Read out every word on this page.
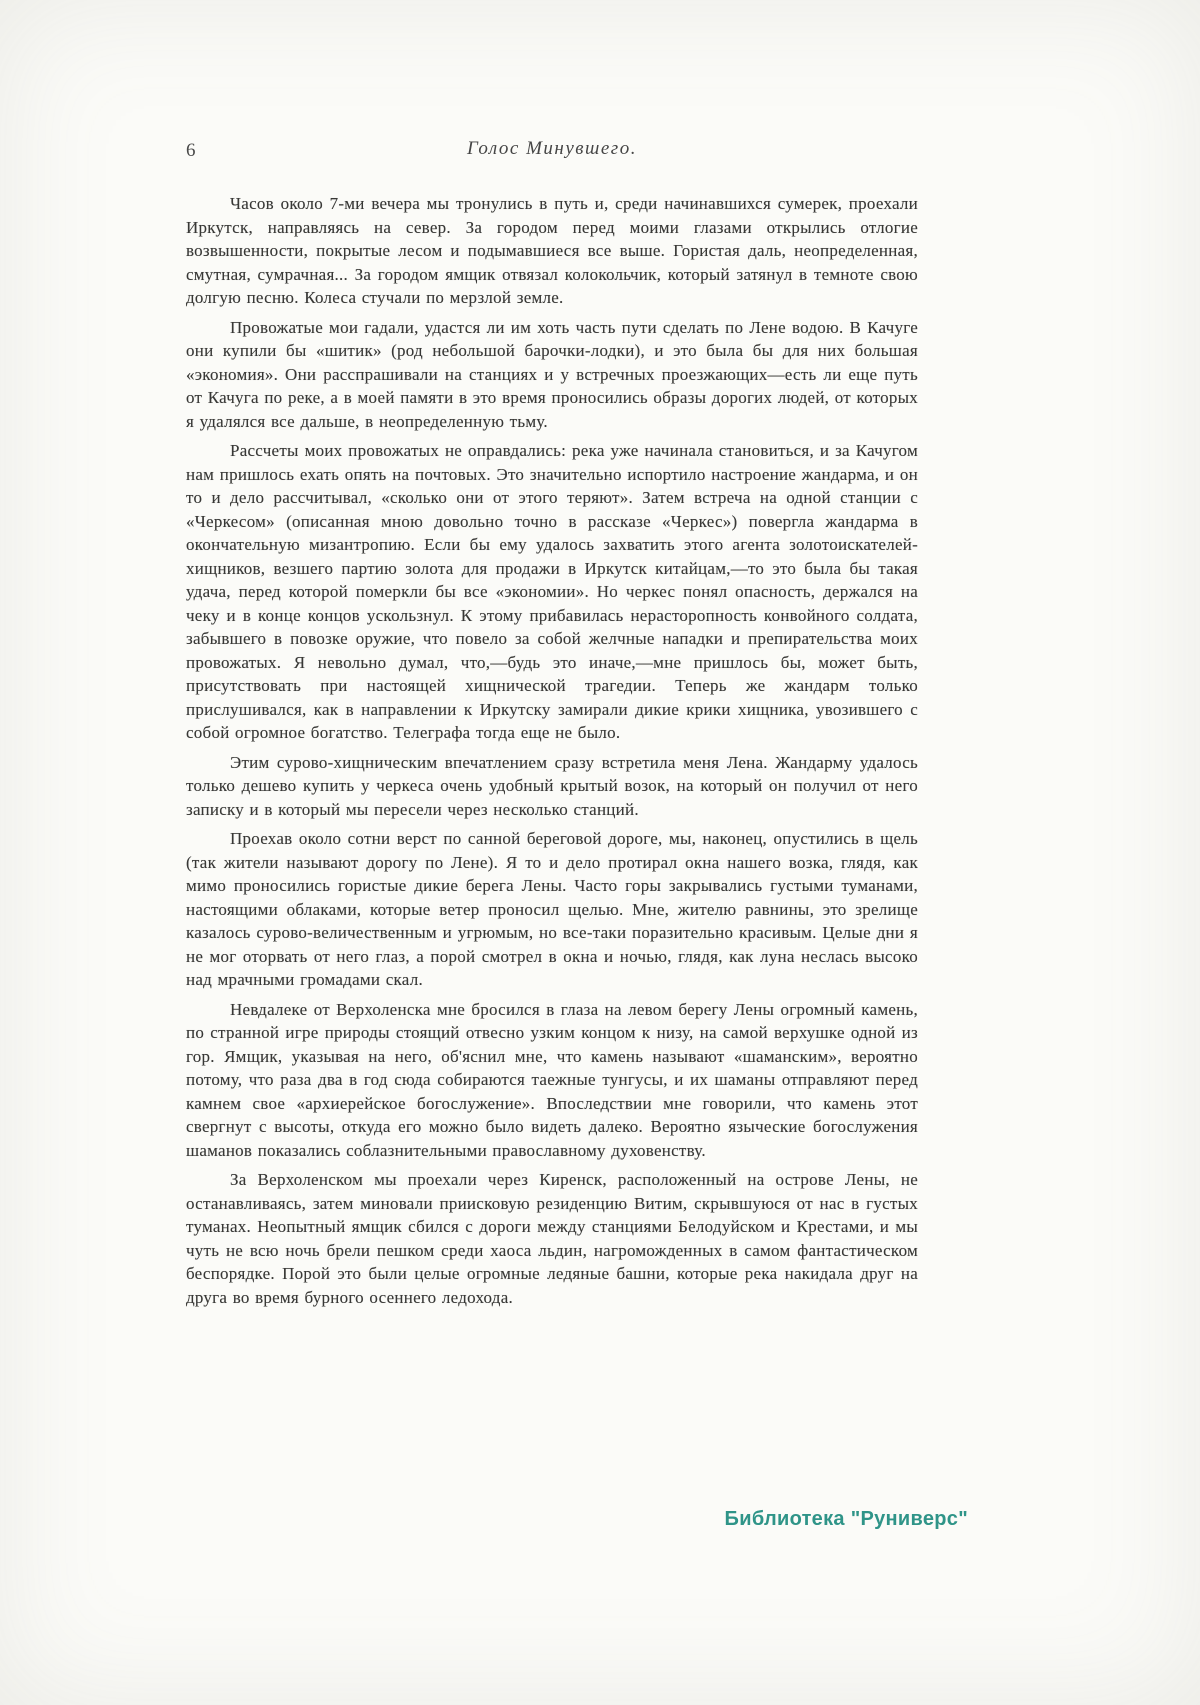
6	Голос Минувшего.

Часов около 7-ми вечера мы тронулись в путь и, среди начинавшихся сумерек, проехали Иркутск, направляясь на север. За городом перед моими глазами открылись отлогие возвышенности, покрытые лесом и подымавшиеся все выше. Гористая даль, неопределенная, смутная, сумрачная... За городом ямщик отвязал колокольчик, который затянул в темноте свою долгую песню. Колеса стучали по мерзлой земле.

Провожатые мои гадали, удастся ли им хоть часть пути сделать по Лене водою. В Качуге они купили бы «шитик» (род небольшой барочки-лодки), и это была бы для них большая «экономия». Они расспрашивали на станциях и у встречных проезжающих—есть ли еще путь от Качуга по реке, а в моей памяти в это время проносились образы дорогих людей, от которых я удалялся все дальше, в неопределенную тьму.

Рассчеты моих провожатых не оправдались: река уже начинала становиться, и за Качугом нам пришлось ехать опять на почтовых. Это значительно испортило настроение жандарма, и он то и дело рассчитывал, «сколько они от этого теряют». Затем встреча на одной станции с «Черкесом» (описанная мною довольно точно в рассказе «Черкес») повергла жандарма в окончательную мизантропию. Если бы ему удалось захватить этого агента золотоискателей-хищников, везшего партию золота для продажи в Иркутск китайцам,—то это была бы такая удача, перед которой померкли бы все «экономии». Но черкес понял опасность, держался на чеку и в конце концов ускользнул. К этому прибавилась нерасторопность конвойного солдата, забывшего в повозке оружие, что повело за собой желчные нападки и препирательства моих провожатых. Я невольно думал, что,—будь это иначе,—мне пришлось бы, может быть, присутствовать при настоящей хищнической трагедии. Теперь же жандарм только прислушивался, как в направлении к Иркутску замирали дикие крики хищника, увозившего с собой огромное богатство. Телеграфа тогда еще не было.

Этим сурово-хищническим впечатлением сразу встретила меня Лена. Жандарму удалось только дешево купить у черкеса очень удобный крытый возок, на который он получил от него записку и в который мы пересели через несколько станций.

Проехав около сотни верст по санной береговой дороге, мы, наконец, опустились в щель (так жители называют дорогу по Лене). Я то и дело протирал окна нашего возка, глядя, как мимо проносились гористые дикие берега Лены. Часто горы закрывались густыми туманами, настоящими облаками, которые ветер проносил щелью. Мне, жителю равнины, это зрелище казалось сурово-величественным и угрюмым, но все-таки поразительно красивым. Целые дни я не мог оторвать от него глаз, а порой смотрел в окна и ночью, глядя, как луна неслась высоко над мрачными громадами скал.

Невдалеке от Верхоленска мне бросился в глаза на левом берегу Лены огромный камень, по странной игре природы стоящий отвесно узким концом к низу, на самой верхушке одной из гор. Ямщик, указывая на него, об'яснил мне, что камень называют «шаманским», вероятно потому, что раза два в год сюда собираются таежные тунгусы, и их шаманы отправляют перед камнем свое «архиерейское богослужение». Впоследствии мне говорили, что камень этот свергнут с высоты, откуда его можно было видеть далеко. Вероятно языческие богослужения шаманов показались соблазнительными православному духовенству.

За Верхоленском мы проехали через Киренск, расположенный на острове Лены, не останавливаясь, затем миновали приисковую резиденцию Витим, скрывшуюся от нас в густых туманах. Неопытный ямщик сбился с дороги между станциями Белодуйском и Крестами, и мы чуть не всю ночь брели пешком среди хаоса льдин, нагроможденных в самом фантастическом беспорядке. Порой это были целые огромные ледяные башни, которые река накидала друг на друга во время бурного осеннего ледохода.

Библиотека "Руниверс"
